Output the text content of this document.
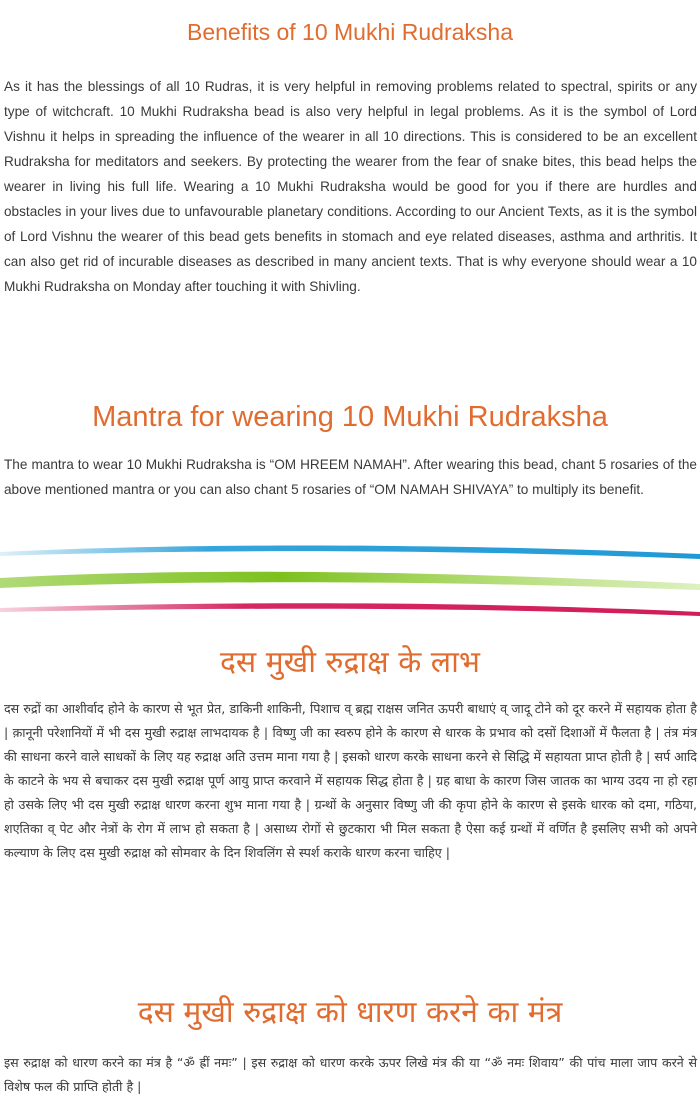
Benefits of 10 Mukhi Rudraksha

As it has the blessings of all 10 Rudras, it is very helpful in removing problems related to spectral, spirits or any type of witchcraft. 10 Mukhi Rudraksha bead is also very helpful in legal problems. As it is the symbol of Lord Vishnu it helps in spreading the influence of the wearer in all 10 directions. This is considered to be an excellent Rudraksha for meditators and seekers. By protecting the wearer from the fear of snake bites, this bead helps the wearer in living his full life. Wearing a 10 Mukhi Rudraksha would be good for you if there are hurdles and obstacles in your lives due to unfavourable planetary conditions. According to our Ancient Texts, as it is the symbol of Lord Vishnu the wearer of this bead gets benefits in stomach and eye related diseases, asthma and arthritis. It can also get rid of incurable diseases as described in many ancient texts. That is why everyone should wear a 10 Mukhi Rudraksha on Monday after touching it with Shivling.

Mantra for wearing 10 Mukhi Rudraksha

The mantra to wear 10 Mukhi Rudraksha is “OM HREEM NAMAH”. After wearing this bead, chant 5 rosaries of the above mentioned mantra or you can also chant 5 rosaries of “OM NAMAH SHIVAYA” to multiply its benefit.

दस मुखी रुद्राक्ष के लाभ

दस रुद्रों का आशीर्वाद होने के कारण से भूत प्रेत, डाकिनी शाकिनी, पिशाच व् ब्रह्म राक्षस जनित ऊपरी बाधाएं व् जादू टोने को दूर करने में सहायक होता है | क़ानूनी परेशानियों में भी दस मुखी रुद्राक्ष लाभदायक है | विष्णु जी का स्वरुप होने के कारण से धारक के प्रभाव को दसों दिशाओं में फैलता है | तंत्र मंत्र की साधना करने वाले साधकों के लिए यह रुद्राक्ष अति उत्तम माना गया है | इसको धारण करके साधना करने से सिद्धि में सहायता प्राप्त होती है | सर्प आदि के काटने के भय से बचाकर दस मुखी रुद्राक्ष पूर्ण आयु प्राप्त करवाने में सहायक सिद्ध होता है | ग्रह बाधा के कारण जिस जातक का भाग्य उदय ना हो रहा हो उसके लिए भी दस मुखी रुद्राक्ष धारण करना शुभ माना गया है | ग्रन्थों के अनुसार विष्णु जी की कृपा होने के कारण से इसके धारक को दमा, गठिया, शएतिका व् पेट और नेत्रों के रोग में लाभ हो सकता है | असाध्य रोगों से छुटकारा भी मिल सकता है ऐसा कई ग्रन्थों में वर्णित है इसलिए सभी को अपने कल्याण के लिए दस मुखी रुद्राक्ष को सोमवार के दिन शिवलिंग से स्पर्श कराके धारण करना चाहिए |

दस मुखी रुद्राक्ष को धारण करने का मंत्र

इस रुद्राक्ष को धारण करने का मंत्र है “ॐ ह्रीं नमः” | इस रुद्राक्ष को धारण करके ऊपर लिखे मंत्र की या “ॐ नमः शिवाय” की पांच माला जाप करने से विशेष फल की प्राप्ति होती है |
